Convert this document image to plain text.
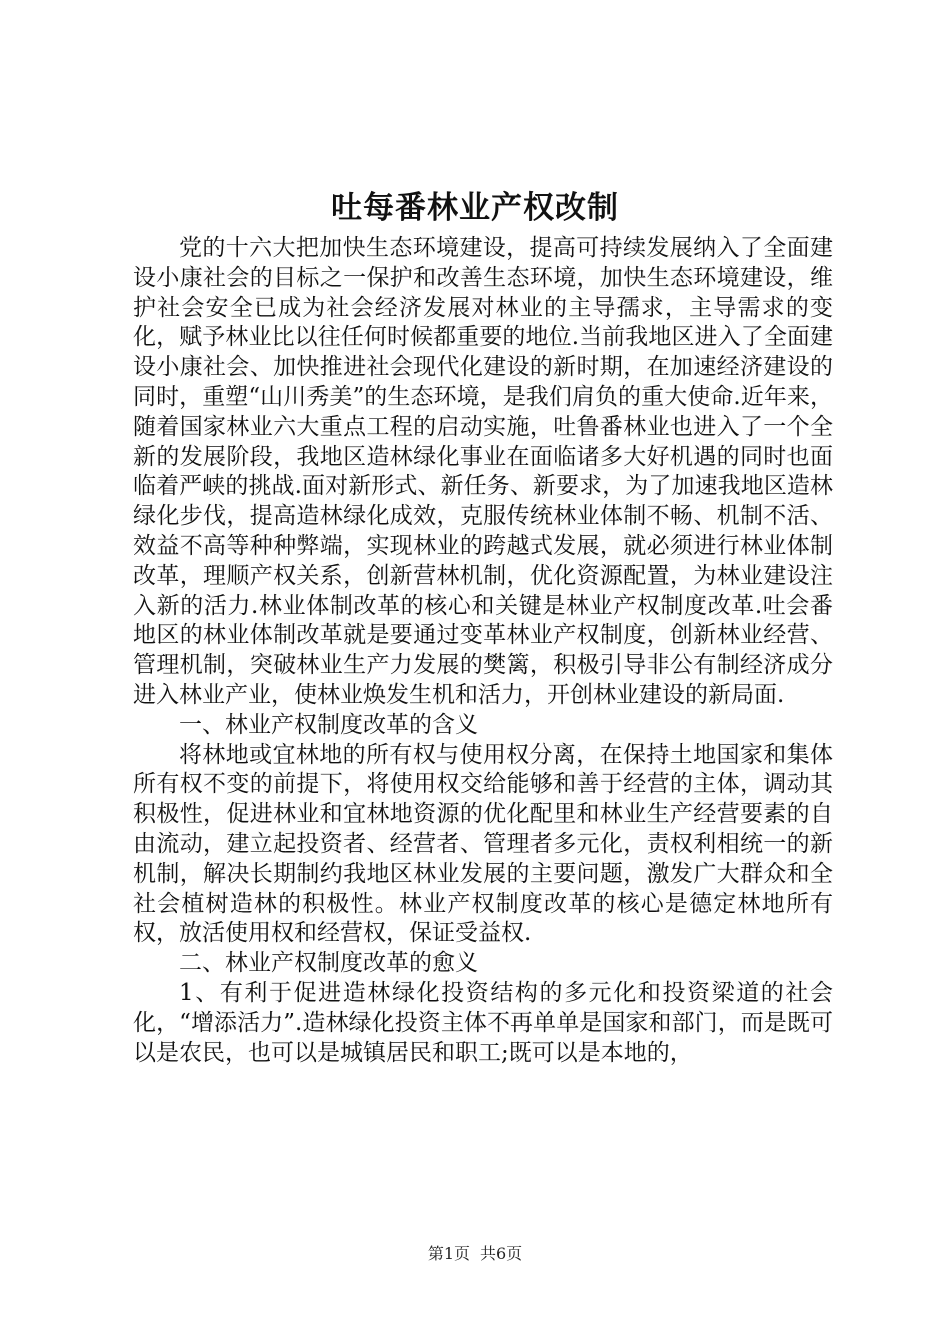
吐每番林业产权改制

党的十六大把加快生态环境建设，提高可持续发展纳入了全面建设小康社会的目标之一保护和改善生态环境，加快生态环境建设，维护社会安全已成为社会经济发展对林业的主导孺求，主导需求的变化，赋予林业比以往任何时候都重要的地位.当前我地区进入了全面建设小康社会、加快推进社会现代化建设的新时期，在加速经济建设的同时，重塑“山川秀美”的生态环境，是我们肩负的重大使命.近年来，随着国家林业六大重点工程的启动实施，吐鲁番林业也进入了一个全新的发展阶段，我地区造林绿化事业在面临诸多大好机遇的同时也面临着严峡的挑战.面对新形式、新任务、新要求，为了加速我地区造林绿化步伐，提高造林绿化成效，克服传统林业体制不畅、机制不活、效益不高等种种弊端，实现林业的跨越式发展，就必须进行林业体制改革，理顺产权关系，创新营林机制，优化资源配置，为林业建设注入新的活力.林业体制改革的核心和关键是林业产权制度改革.吐会番地区的林业体制改革就是要通过变革林业产权制度，创新林业经营、管理机制，突破林业生产力发展的樊篱，积极引导非公有制经济成分进入林业产业，使林业焕发生机和活力，开创林业建设的新局面.

一、林业产权制度改革的含义

将林地或宜林地的所有权与使用权分离，在保持土地国家和集体所有权不变的前提下，将使用权交给能够和善于经营的主体，调动其积极性，促进林业和宜林地资源的优化配里和林业生产经营要素的自由流动，建立起投资者、经营者、管理者多元化，责权利相统一的新机制，解决长期制约我地区林业发展的主要问题，激发广大群众和全社会植树造林的积极性。林业产权制度改革的核心是德定林地所有权，放活使用权和经营权，保证受益权.

二、林业产权制度改革的愈义

1、有利于促进造林绿化投资结构的多元化和投资梁道的社会化，“增添活力”.造林绿化投资主体不再单单是国家和部门，而是既可以是农民，也可以是城镇居民和职工;既可以是本地的，

第1页 共6页
